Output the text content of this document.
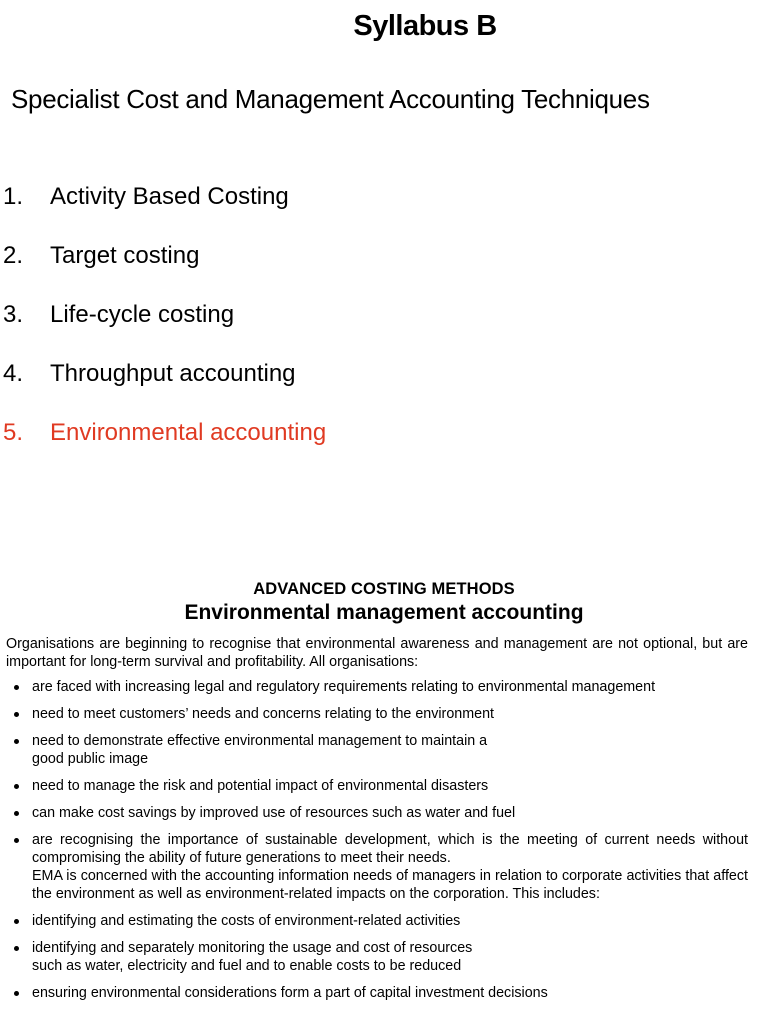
Syllabus B
Specialist Cost and Management Accounting Techniques
1. Activity Based Costing
2. Target costing
3. Life-cycle costing
4. Throughput accounting
5. Environmental accounting
ADVANCED COSTING METHODS
Environmental management accounting

Organisations are beginning to recognise that environmental awareness and management are not optional, but are important for long-term survival and profitability. All organisations:

are faced with increasing legal and regulatory requirements relating to environmental management
need to meet customers’ needs and concerns relating to the environment
need to demonstrate effective environmental management to maintain a
good public image
need to manage the risk and potential impact of environmental disasters
can make cost savings by improved use of resources such as water and fuel
are recognising the importance of sustainable development, which is the meeting of current needs without compromising the ability of future generations to meet their needs.
EMA is concerned with the accounting information needs of managers in relation to corporate activities that affect the environment as well as environment-related impacts on the corporation. This includes:
identifying and estimating the costs of environment-related activities
identifying and separately monitoring the usage and cost of resources
such as water, electricity and fuel and to enable costs to be reduced
ensuring environmental considerations form a part of capital investment decisions
